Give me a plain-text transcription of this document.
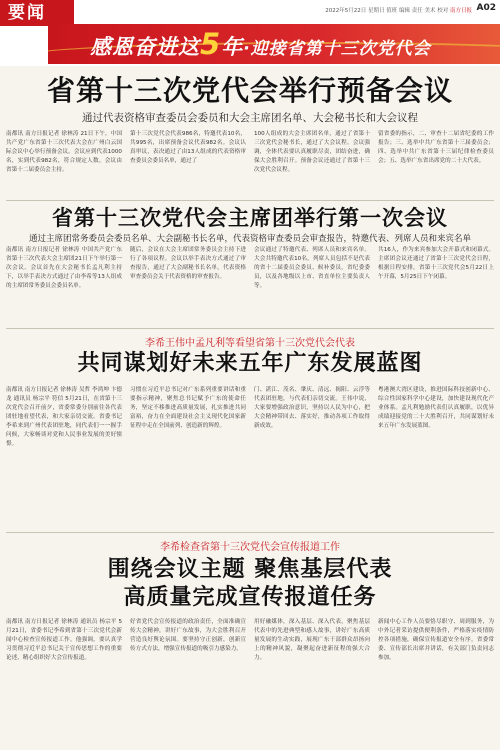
要闻	2022年5月22日 星期日 值班 编辑 责任 美术 校对 南方日报 A02
感恩奋进这5年·迎接省第十三次党代会
省第十三次党代会举行预备会议
通过代表资格审查委员会委员和大会主席团名单、大会秘书长和大会议程
南都讯 南方日报记者 徐林涛 21日下午，中国共产党广东省第十三次代表大会在广州白云国际会议中心举行预备会议。会议应到代表1000名，实到代表982名，符合规定人数。会议由省第十二届委员会主持。
第十三次党代会代表986名，特邀代表10名，共995名，出席预备会议代表982名。会议认真审议，表决通过了由13人组成的代表资格审查委员会委员名单，通过了
100人组成的大会主席团名单，通过了省第十三次党代会秘书长，通过了大会议程。会议强调，全体代表要认真履职尽责，团结奋进，确保大会胜利召开。预备会议还通过了省第十三次党代会议程。
留省委的指示，二、审查十二届省纪委的工作报告；三、选举中共广东省第十三届委员会；四、选举中共广东省第十三届纪律检查委员会；五、选举广东省出席党的二十大代表。
省第十三次党代会主席团举行第一次会议
通过主席团常务委员会委员名单、大会副秘书长名单，代表资格审查委员会审查报告，特邀代表、列席人员和来宾名单
南都讯 南方日报记者 徐林涛 中国共产党广东省第十三次代表大会主席团21日下午举行第一次会议。会议首先在大会秘书长孟凡利主持下，以举手表决方式通过了由李希等13人组成的主席团常务委员会委员名单。
随后，会议在大会主席团常务委员会主持下进行了各项议程。会议以举手表决方式通过了审查报告，通过了大会副秘书长名单，代表资格审查委员会关于代表资格的审查报告。
会议通过了特邀代表、列席人员和来宾名单。大会共特邀代表10名，列席人员包括不是代表的省十二届委员会委员、候补委员，省纪委委员，以及各地级以上市、省直单位主要负责人等。
共16人，作为来宾参加大会开幕式和闭幕式。主席团会议还通过了省第十三次党代会日程，根据日程安排，省第十三次党代会5月22日上午开幕，5月25日下午闭幕。
李希王伟中孟凡利等看望省第十三次党代会代表
共同谋划好未来五年广东发展蓝图
南都讯 南方日报记者 徐林涛 吴哲 李鸿坤 卞德龙 通讯员 杨宗平 符信 5月21日，在省第十三次党代会召开前夕，省委常委分别前往各代表团驻地看望代表，和大家亲切交流。省委书记李希来到广州代表团驻地，同代表们一一握手问候，大家畅谈对党和人民事业发展的美好憧憬。
习惯在习近平总书记对广东系列重要讲话和重要指示精神，聚焦总书记赋予广东的使命任务，坚定不移推进高质量发展，扎实推进共同富裕，奋力在全面建设社会主义现代化国家新征程中走在全国前列、创造新的辉煌。
门、湛江、茂名、肇庆、清远、揭阳、云浮等代表团驻地，与代表们亲切交流。王伟中说，大家要增强政治意识，坚持以人民为中心，把大会精神带回去、落实好，推动各项工作取得新成效。
粤港澳大湾区建设，推进国际科技创新中心、综合性国家科学中心建设，加快建设现代化产业体系。孟凡利勉励代表们认真履职，以优异成绩迎接党的二十大胜利召开，共同谋划好未来五年广东发展蓝图。
李希检查省第十三次党代会宣传报道工作
围绕会议主题 聚焦基层代表
高质量完成宣传报道任务
南都讯 南方日报记者 徐林涛 通讯员 杨宗平 5月21日，省委书记李希到省第十三次党代会新闻中心检查宣传报道工作。他强调，要认真学习贯彻习近平总书记关于宣传思想工作的重要论述，精心组织好大会宣传报道。
好省党代会宣传报道的政治责任，全面准确宣传大会精神，讲好广东故事，为大会胜利召开营造良好舆论氛围。要坚持守正创新，创新宣传方式方法，增强宣传报道的吸引力感染力。
用好融媒体，深入基层、深入代表，聚焦基层代表中的先进典型和感人故事，讲好广东高质量发展的生动实践，展现广东干部群众昂扬向上的精神风貌，凝聚起奋进新征程的强大合力。
新闻中心工作人员要恪尽职守、周到服务，为中外记者采访提供便利条件，严格落实疫情防控各项措施，确保宣传报道安全有序。省委常委、宣传部长出席并讲话，有关部门负责同志参加。
